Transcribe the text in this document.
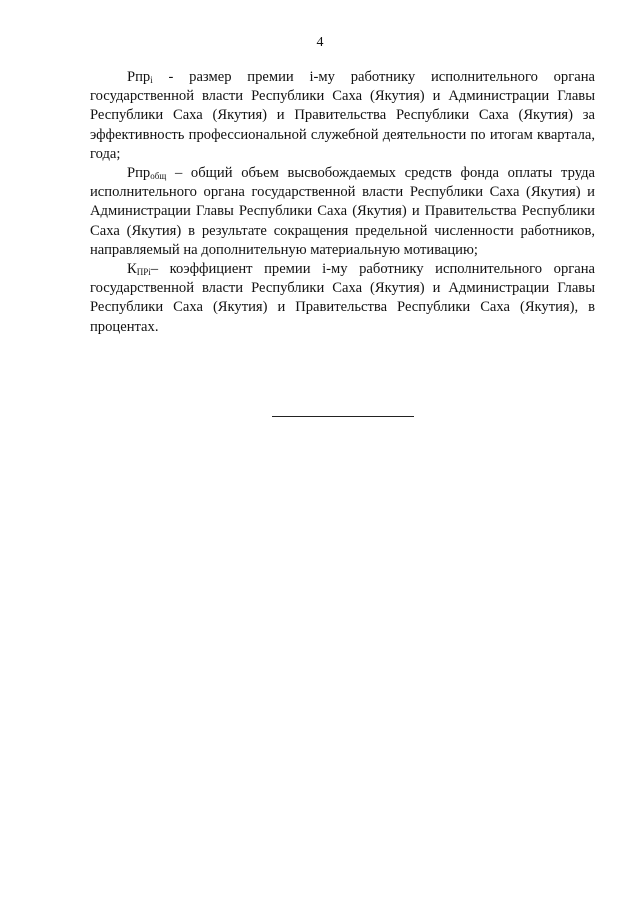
4

Pпр$_i$ - размер премии i-му работнику исполнительного органа государственной власти Республики Саха (Якутия) и Администрации Главы Республики Саха (Якутия) и Правительства Республики Саха (Якутия) за эффективность профессиональной служебной деятельности по итогам квартала, года;

Рпр$_{общ}$ – общий объем высвобождаемых средств фонда оплаты труда исполнительного органа государственной власти Республики Саха (Якутия) и Администрации Главы Республики Саха (Якутия) и Правительства Республики Саха (Якутия) в результате сокращения предельной численности работников, направляемый на дополнительную материальную мотивацию;

$К_{ПРi}-$ коэффициент премии i-му работнику исполнительного органа государственной власти Республики Саха (Якутия) и Администрации Главы Республики Саха (Якутия) и Правительства Республики Саха (Якутия), в процентах.
